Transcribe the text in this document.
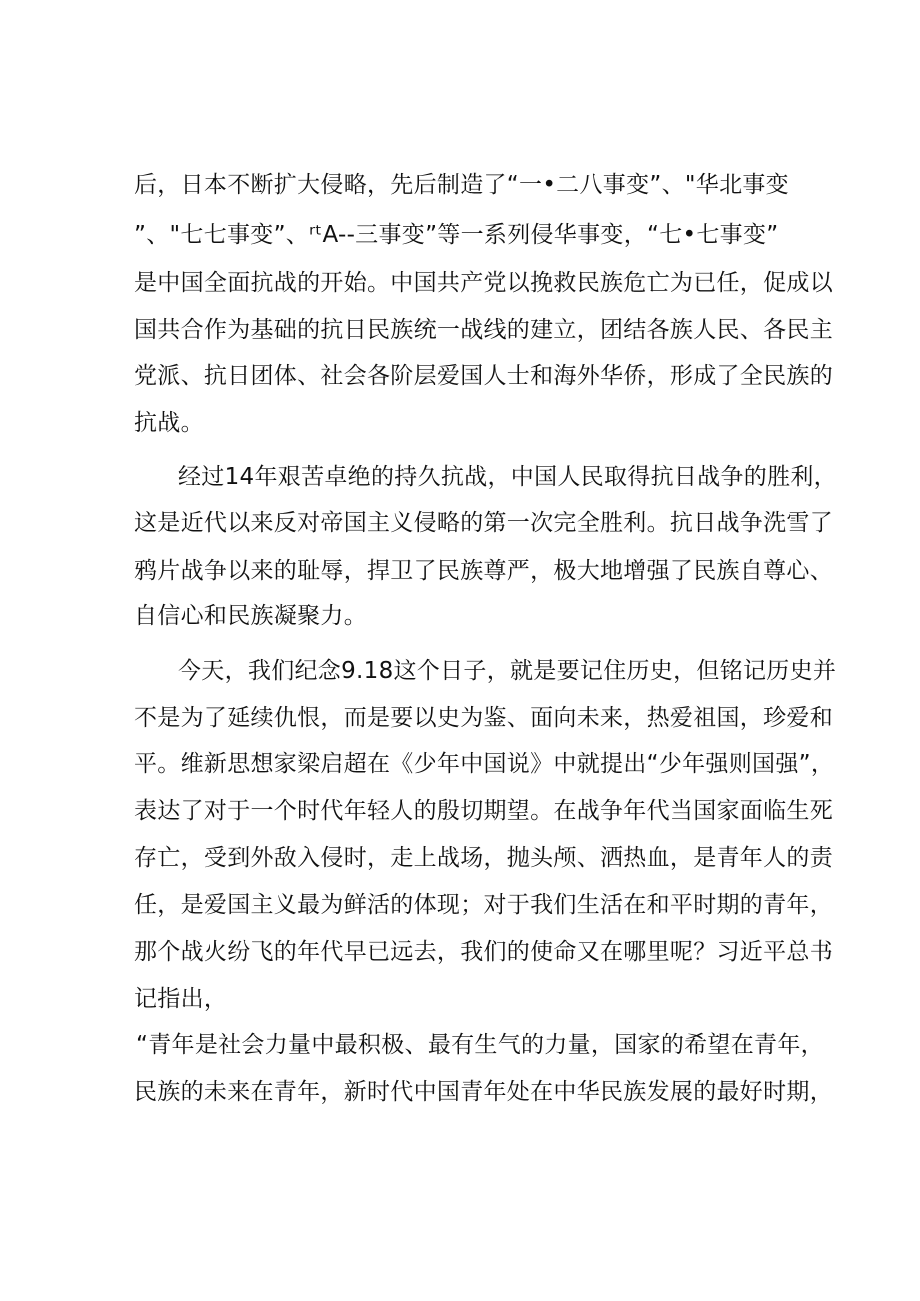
后，日本不断扩大侵略，先后制造了“一•二八事变”、"华北事变
”、"七七事变”、ʳᵗA--三事变”等一系列侵华事变，“七•七事变”
是中国全面抗战的开始。中国共产党以挽救民族危亡为已任，促成以
国共合作为基础的抗日民族统一战线的建立，团结各族人民、各民主
党派、抗日团体、社会各阶层爱国人士和海外华侨，形成了全民族的
抗战。
经过14年艰苦卓绝的持久抗战，中国人民取得抗日战争的胜利，
这是近代以来反对帝国主义侵略的第一次完全胜利。抗日战争洗雪了
鸦片战争以来的耻辱，捍卫了民族尊严，极大地增强了民族自尊心、
自信心和民族凝聚力。
今天，我们纪念9.18这个日子，就是要记住历史，但铭记历史并
不是为了延续仇恨，而是要以史为鉴、面向未来，热爱祖国，珍爱和
平。维新思想家梁启超在《少年中国说》中就提出“少年强则国强”，
表达了对于一个时代年轻人的殷切期望。在战争年代当国家面临生死
存亡，受到外敌入侵时，走上战场，抛头颅、洒热血，是青年人的责
任，是爱国主义最为鲜活的体现；对于我们生活在和平时期的青年，
那个战火纷飞的年代早已远去，我们的使命又在哪里呢？习近平总书
记指出，
“青年是社会力量中最积极、最有生气的力量，国家的希望在青年，
民族的未来在青年，新时代中国青年处在中华民族发展的最好时期，
